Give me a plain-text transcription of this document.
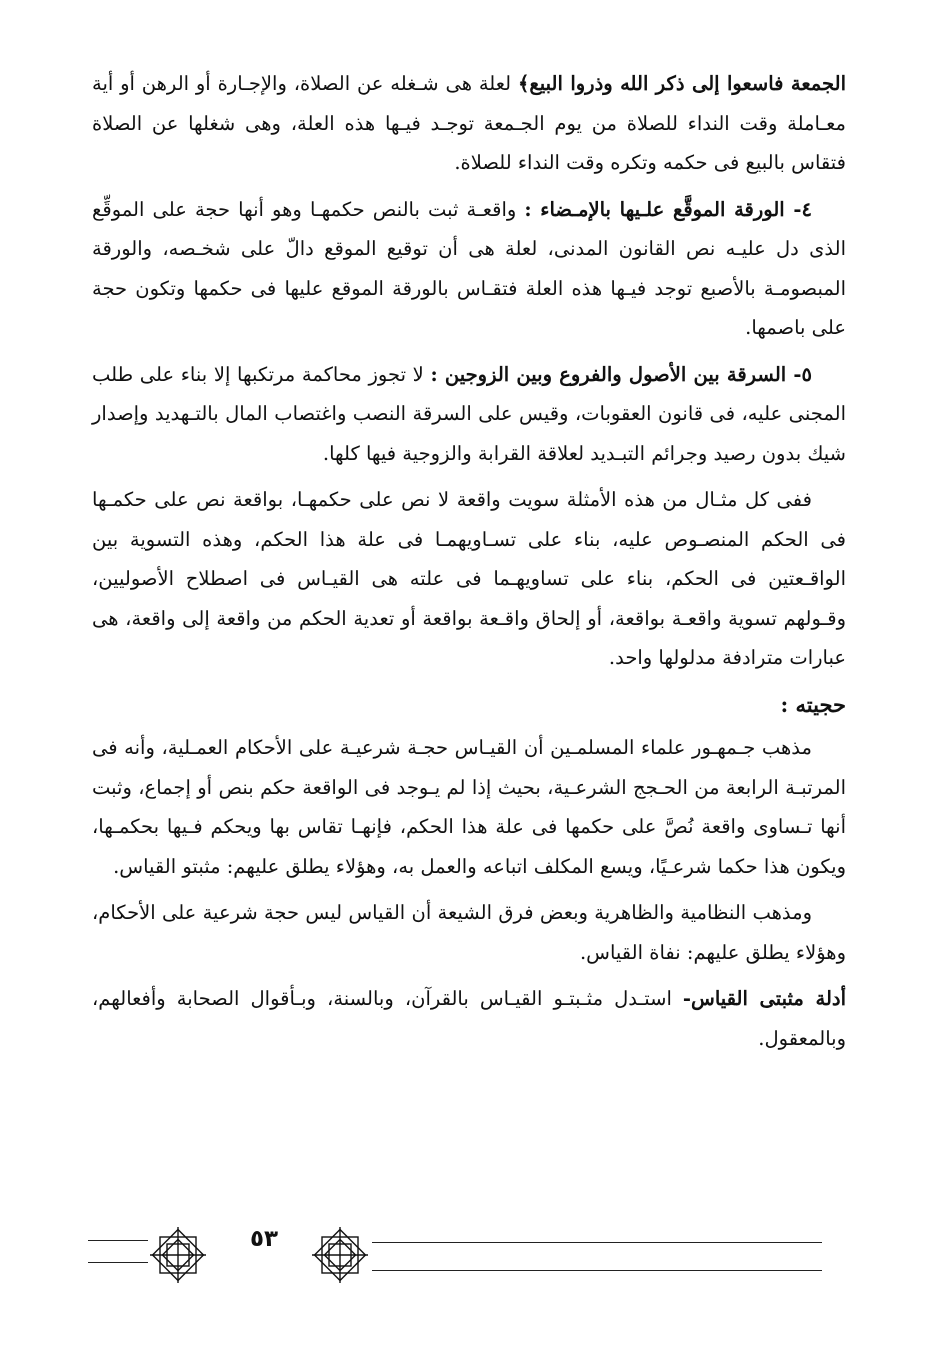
الجمعة فاسعوا إلى ذكر الله وذروا البيع﴾ لعلة هى شـغله عن الصلاة، والإجـارة أو الرهن أو أية معـاملة وقت النداء للصلاة من يوم الجـمعة توجـد فيـها هذه العلة، وهى شغلها عن الصلاة فتقاس بالبيع فى حكمه وتكره وقت النداء للصلاة.

٤- الورقة الموقَّع علـيها بالإمـضاء : واقعـة ثبت بالنص حكمهـا وهو أنها حجة على الموقِّع الذى دل عليـه نص القانون المدنى، لعلة هى أن توقيع الموقع دالّ على شخـصه، والورقة المبصومـة بالأصبع توجد فيـها هذه العلة فتقـاس بالورقة الموقع عليها فى حكمها وتكون حجة على باصمها.

٥- السرقة بين الأصول والفروع وبين الزوجين : لا تجوز محاكمة مرتكبها إلا بناء على طلب المجنى عليه، فى قانون العقوبات، وقيس على السرقة النصب واغتصاب المال بالتـهديد وإصدار شيك بدون رصيد وجرائم التبـديد لعلاقة القرابة والزوجية فيها كلها.

ففى كل مثـال من هذه الأمثلة سويت واقعة لا نص على حكمهـا، بواقعة نص على حكمـها فى الحكم المنصـوص عليه، بناء على تسـاويهمـا فى علة هذا الحكم، وهذه التسوية بين الواقـعتين فى الحكم، بناء على تساويهـما فى علته هى القيـاس فى اصطلاح الأصوليين، وقـولهم تسوية واقعـة بواقعة، أو إلحاق واقـعة بواقعة أو تعدية الحكم من واقعة إلى واقعة، هى عبارات مترادفة مدلولها واحد.

حجيته :

مذهب جـمهـور علماء المسلمـين أن القيـاس حجـة شرعيـة على الأحكام العمـلية، وأنه فى المرتبـة الرابعة من الحـجج الشرعـية، بحيث إذا لم يـوجد فى الواقعة حكم بنص أو إجماع، وثبت أنها تـساوى واقعة نُصَّ على حكمها فى علة هذا الحكم، فإنهـا تقاس بها ويحكم فـيها بحكمـها، ويكون هذا حكما شرعـيًا، ويسع المكلف اتباعه والعمل به، وهؤلاء يطلق عليهم: مثبتو القياس.

ومذهب النظامية والظاهرية وبعض فرق الشيعة أن القياس ليس حجة شرعية على الأحكام، وهؤلاء يطلق عليهم: نفاة القياس.

أدلة مثبتى القياس- استـدل مثـبتـو القيـاس بالقرآن، وبالسنة، وبـأقوال الصحابة وأفعالهم، وبالمعقول.

٥٣
